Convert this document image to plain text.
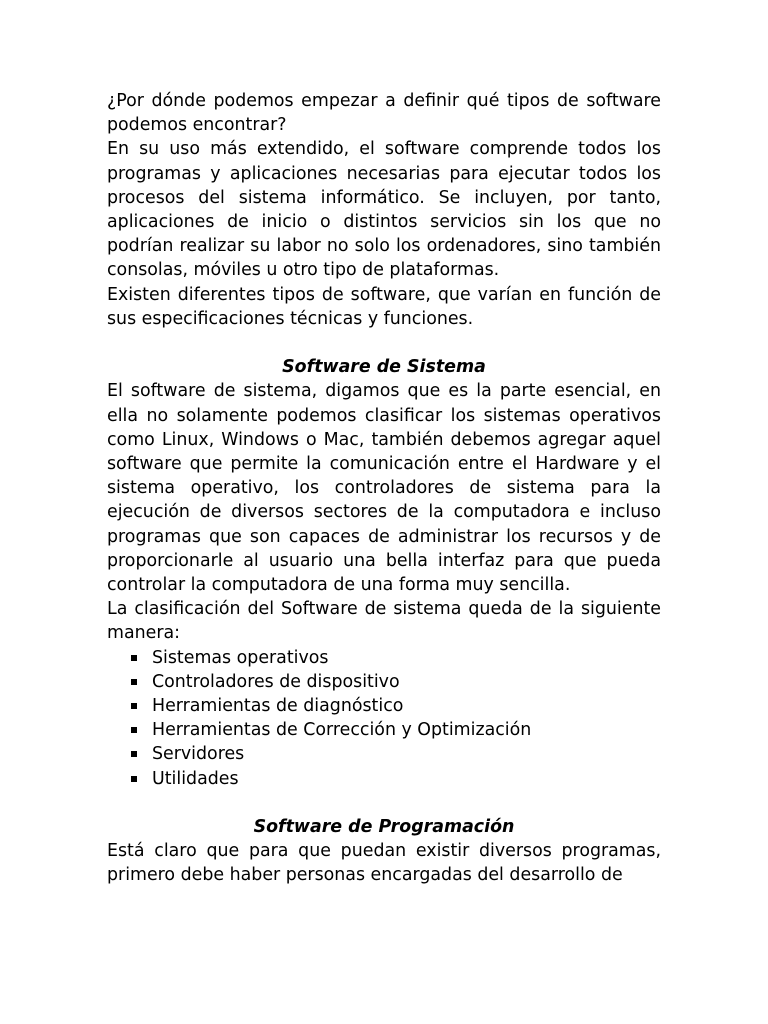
¿Por dónde podemos empezar a definir qué tipos de software podemos encontrar?

En su uso más extendido, el software comprende todos los programas y aplicaciones necesarias para ejecutar todos los procesos del sistema informático. Se incluyen, por tanto, aplicaciones de inicio o distintos servicios sin los que no podrían realizar su labor no solo los ordenadores, sino también consolas, móviles u otro tipo de plataformas.

Existen diferentes tipos de software, que varían en función de sus especificaciones técnicas y funciones.

Software de Sistema

El software de sistema, digamos que es la parte esencial, en ella no solamente podemos clasificar los sistemas operativos como Linux, Windows o Mac, también debemos agregar aquel software que permite la comunicación entre el Hardware y el sistema operativo, los controladores de sistema para la ejecución de diversos sectores de la computadora e incluso programas que son capaces de administrar los recursos y de proporcionarle al usuario una bella interfaz para que pueda controlar la computadora de una forma muy sencilla.

La clasificación del Software de sistema queda de la siguiente manera:

Sistemas operativos
Controladores de dispositivo
Herramientas de diagnóstico
Herramientas de Corrección y Optimización
Servidores
Utilidades

Software de Programación

Está claro que para que puedan existir diversos programas, primero debe haber personas encargadas del desarrollo de
